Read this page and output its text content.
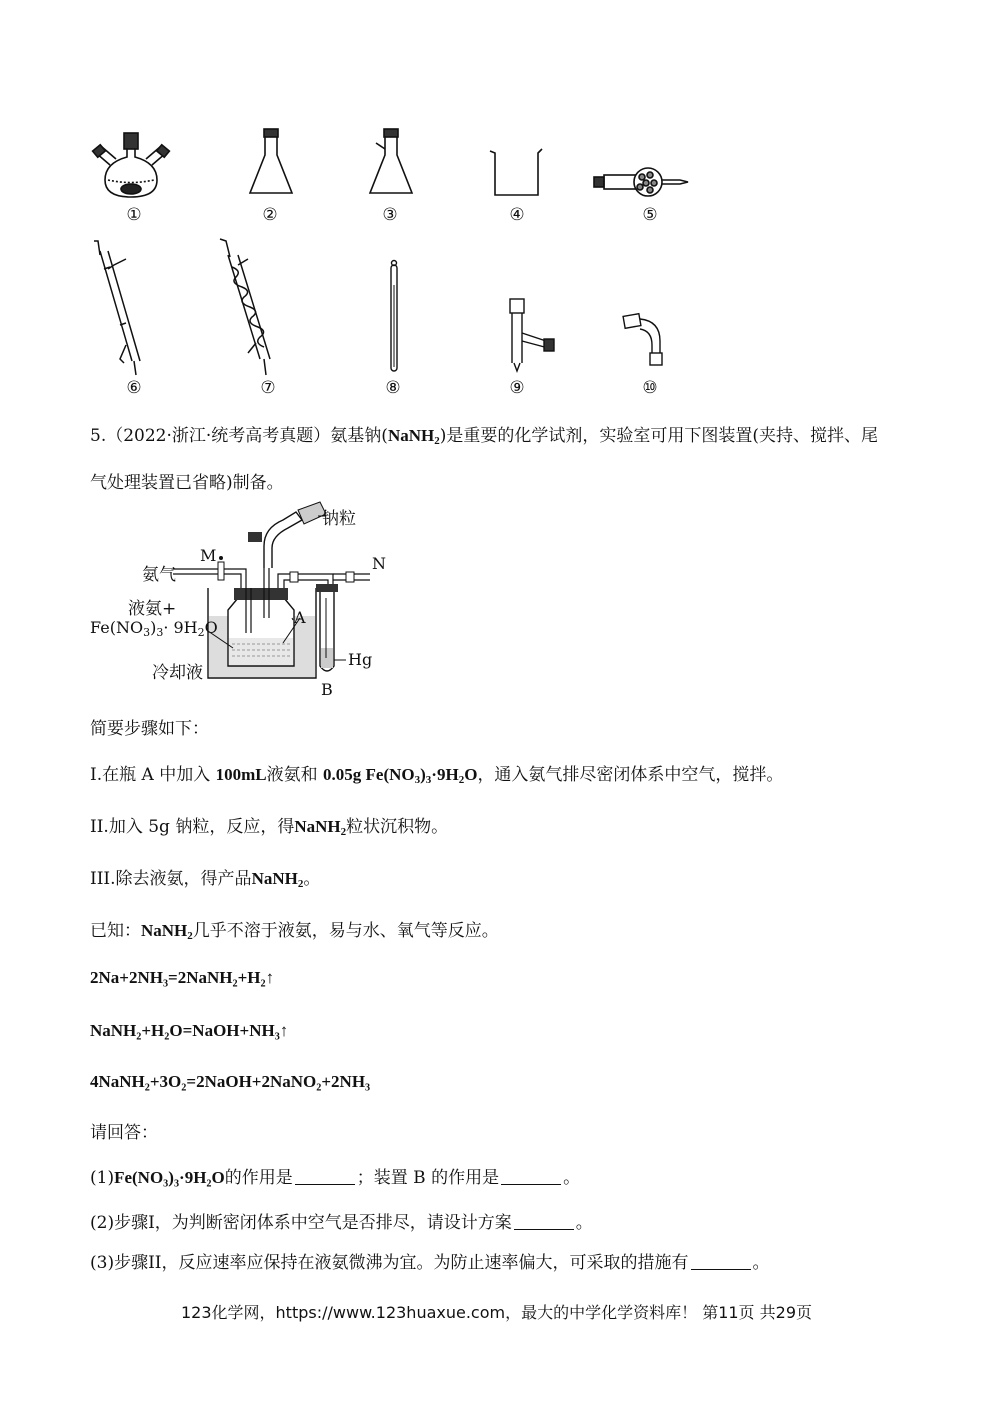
①	②	③	④	⑤
⑥	⑦	⑧	⑨	⑩
5.（2022·浙江·统考高考真题）氨基钠(NaNH$_2$)是重要的化学试剂，实验室可用下图装置(夹持、搅拌、尾
气处理装置已省略)制备。
钠粒
氨气
M	N
液氨+
$Fe(NO_3)_3\cdot 9H_2O$
A
Hg
冷却液
B
简要步骤如下：
I.在瓶 A 中加入 100mL液氨和 0.05g $Fe(NO_3)_3\cdot 9H_2O$，通入氨气排尽密闭体系中空气，搅拌。
II.加入 5g 钠粒，反应，得NaNH$_2$粒状沉积物。
III.除去液氨，得产品NaNH$_2$。
已知：NaNH$_2$几乎不溶于液氨，易与水、氧气等反应。
2Na+2NH₃=2NaNH₂+H₂↑
NaNH₂+H₂O=NaOH+NH₃↑
4NaNH₂+3O₂=2NaOH+2NaNO₂+2NH₃
请回答：
(1)Fe(NO₃)₃·9H₂O的作用是	；装置 B 的作用是	。
(2)步骤I，为判断密闭体系中空气是否排尽，请设计方案	。
(3)步骤II，反应速率应保持在液氨微沸为宜。为防止速率偏大，可采取的措施有	。
123化学网，https://www.123huaxue.com，最大的中学化学资料库！ 第11页 共29页
